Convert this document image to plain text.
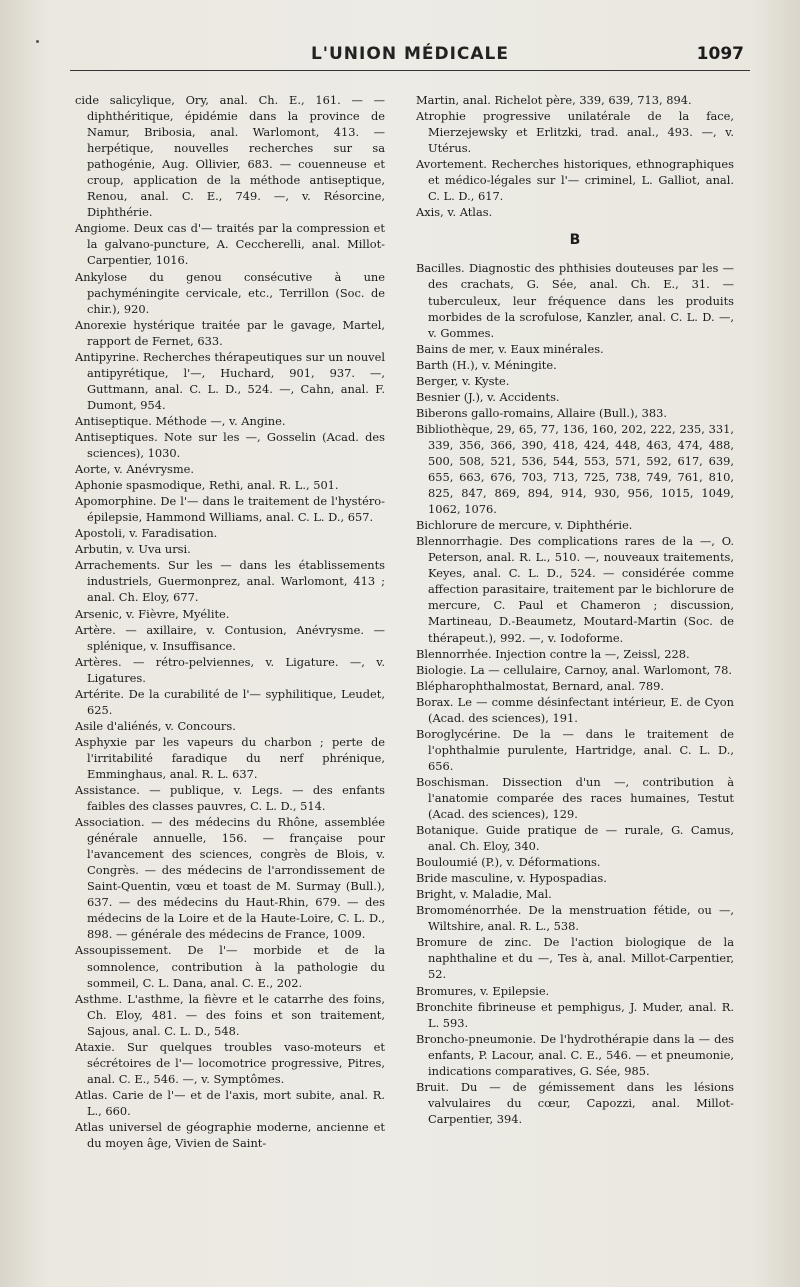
L'UNION MÉDICALE	1097

cide salicylique, Ory, anal. Ch. E., 161. — — diphthéritique, épidémie dans la province de Namur, Bribosia, anal. Warlomont, 413. — herpétique, nouvelles recherches sur sa pathogénie, Aug. Ollivier, 683. — couenneuse et croup, application de la méthode antiseptique, Renou, anal. C. E., 749. —, v. Résorcine, Diphthérie.

Angiome. Deux cas d'— traités par la compression et la galvano-puncture, A. Ceccherelli, anal. Millot-Carpentier, 1016.

Ankylose du genou consécutive à une pachyméningite cervicale, etc., Terrillon (Soc. de chir.), 920.

Anorexie hystérique traitée par le gavage, Martel, rapport de Fernet, 633.

Antipyrine. Recherches thérapeutiques sur un nouvel antipyrétique, l'—, Huchard, 901, 937. —, Guttmann, anal. C. L. D., 524. —, Cahn, anal. F. Dumont, 954.

Antiseptique. Méthode —, v. Angine.

Antiseptiques. Note sur les —, Gosselin (Acad. des sciences), 1030.

Aorte, v. Anévrysme.

Aphonie spasmodique, Rethi, anal. R. L., 501.

Apomorphine. De l'— dans le traitement de l'hystéro-épilepsie, Hammond Williams, anal. C. L. D., 657.

Apostoli, v. Faradisation.

Arbutin, v. Uva ursi.

Arrachements. Sur les — dans les établissements industriels, Guermonprez, anal. Warlomont, 413 ; anal. Ch. Eloy, 677.

Arsenic, v. Fièvre, Myélite.

Artère. — axillaire, v. Contusion, Anévrysme. — splénique, v. Insuffisance.

Artères. — rétro-pelviennes, v. Ligature. —, v. Ligatures.

Artérite. De la curabilité de l'— syphilitique, Leudet, 625.

Asile d'aliénés, v. Concours.

Asphyxie par les vapeurs du charbon ; perte de l'irritabilité faradique du nerf phrénique, Emminghaus, anal. R. L. 637.

Assistance. — publique, v. Legs. — des enfants faibles des classes pauvres, C. L. D., 514.

Association. — des médecins du Rhône, assemblée générale annuelle, 156. — française pour l'avancement des sciences, congrès de Blois, v. Congrès. — des médecins de l'arrondissement de Saint-Quentin, vœu et toast de M. Surmay (Bull.), 637. — des médecins du Haut-Rhin, 679. — des médecins de la Loire et de la Haute-Loire, C. L. D., 898. — générale des médecins de France, 1009.

Assoupissement. De l'— morbide et de la somnolence, contribution à la pathologie du sommeil, C. L. Dana, anal. C. E., 202.

Asthme. L'asthme, la fièvre et le catarrhe des foins, Ch. Eloy, 481. — des foins et son traitement, Sajous, anal. C. L. D., 548.

Ataxie. Sur quelques troubles vaso-moteurs et sécrétoires de l'— locomotrice progressive, Pitres, anal. C. E., 546. —, v. Symptômes.

Atlas. Carie de l'— et de l'axis, mort subite, anal. R. L., 660.

Atlas universel de géographie moderne, ancienne et du moyen âge, Vivien de Saint-

Martin, anal. Richelot père, 339, 639, 713, 894.

Atrophie progressive unilatérale de la face, Mierzejewsky et Erlitzki, trad. anal., 493. —, v. Utérus.

Avortement. Recherches historiques, ethnographiques et médico-légales sur l'— criminel, L. Galliot, anal. C. L. D., 617.

Axis, v. Atlas.

B

Bacilles. Diagnostic des phthisies douteuses par les — des crachats, G. Sée, anal. Ch. E., 31. — tuberculeux, leur fréquence dans les produits morbides de la scrofulose, Kanzler, anal. C. L. D. —, v. Gommes.

Bains de mer, v. Eaux minérales.

Barth (H.), v. Méningite.

Berger, v. Kyste.

Besnier (J.), v. Accidents.

Biberons gallo-romains, Allaire (Bull.), 383.

Bibliothèque, 29, 65, 77, 136, 160, 202, 222, 235, 331, 339, 356, 366, 390, 418, 424, 448, 463, 474, 488, 500, 508, 521, 536, 544, 553, 571, 592, 617, 639, 655, 663, 676, 703, 713, 725, 738, 749, 761, 810, 825, 847, 869, 894, 914, 930, 956, 1015, 1049, 1062, 1076.

Bichlorure de mercure, v. Diphthérie.

Blennorrhagie. Des complications rares de la —, O. Peterson, anal. R. L., 510. —, nouveaux traitements, Keyes, anal. C. L. D., 524. — considérée comme affection parasitaire, traitement par le bichlorure de mercure, C. Paul et Chameron ; discussion, Martineau, D.-Beaumetz, Moutard-Martin (Soc. de thérapeut.), 992. —, v. Iodoforme.

Blennorrhée. Injection contre la —, Zeissl, 228.

Biologie. La — cellulaire, Carnoy, anal. Warlomont, 78.

Blépharophthalmostat, Bernard, anal. 789.

Borax. Le — comme désinfectant intérieur, E. de Cyon (Acad. des sciences), 191.

Boroglycérine. De la — dans le traitement de l'ophthalmie purulente, Hartridge, anal. C. L. D., 656.

Boschisman. Dissection d'un —, contribution à l'anatomie comparée des races humaines, Testut (Acad. des sciences), 129.

Botanique. Guide pratique de — rurale, G. Camus, anal. Ch. Eloy, 340.

Bouloumié (P.), v. Déformations.

Bride masculine, v. Hypospadias.

Bright, v. Maladie, Mal.

Bromoménorrhée. De la menstruation fétide, ou —, Wiltshire, anal. R. L., 538.

Bromure de zinc. De l'action biologique de la naphthaline et du —, Tes à, anal. Millot-Carpentier, 52.

Bromures, v. Epilepsie.

Bronchite fibrineuse et pemphigus, J. Muder, anal. R. L. 593.

Broncho-pneumonie. De l'hydrothérapie dans la — des enfants, P. Lacour, anal. C. E., 546. — et pneumonie, indications comparatives, G. Sée, 985.

Bruit. Du — de gémissement dans les lésions valvulaires du cœur, Capozzi, anal. Millot-Carpentier, 394.
